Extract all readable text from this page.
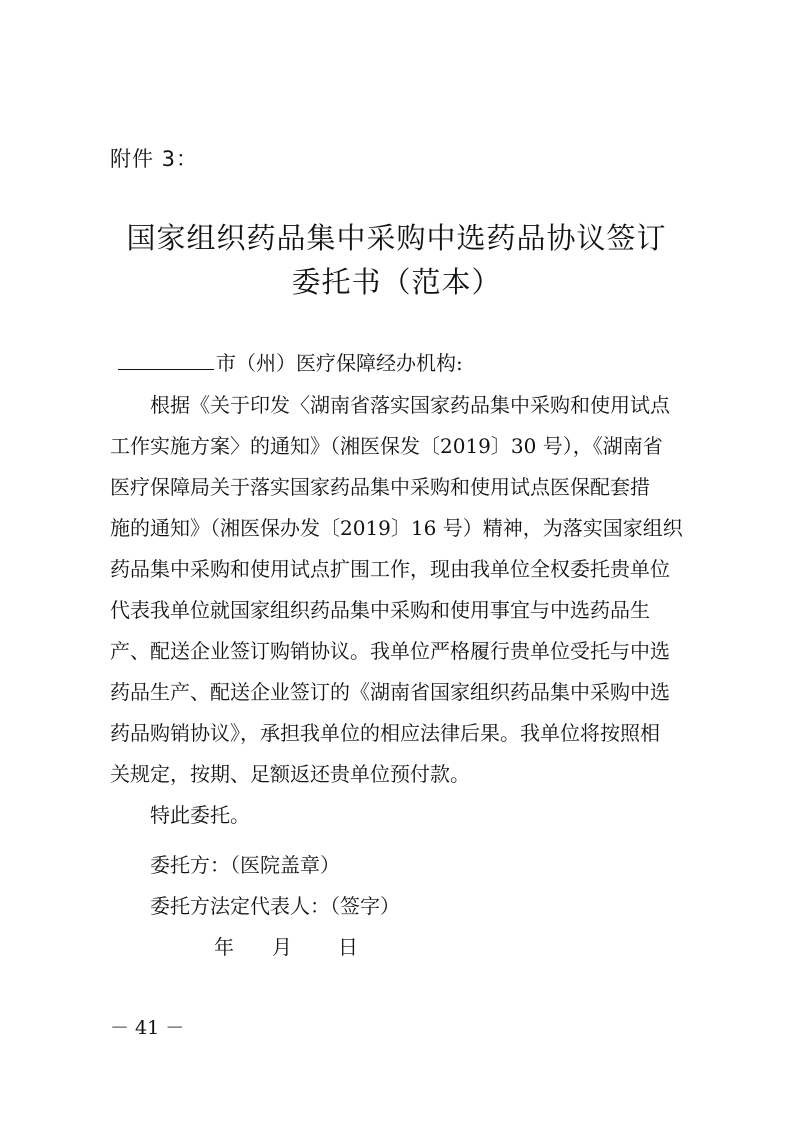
附件 3：
国家组织药品集中采购中选药品协议签订
委托书（范本）
市（州）医疗保障经办机构:
根据《关于印发〈湖南省落实国家药品集中采购和使用试点
工作实施方案〉的通知》（湘医保发〔2019〕30 号），《湖南省
医疗保障局关于落实国家药品集中采购和使用试点医保配套措
施的通知》（湘医保办发〔2019〕16 号）精神，为落实国家组织
药品集中采购和使用试点扩围工作，现由我单位全权委托贵单位
代表我单位就国家组织药品集中采购和使用事宜与中选药品生
产、配送企业签订购销协议。我单位严格履行贵单位受托与中选
药品生产、配送企业签订的《湖南省国家组织药品集中采购中选
药品购销协议》，承担我单位的相应法律后果。我单位将按照相
关规定，按期、足额返还贵单位预付款。
特此委托。
委托方：（医院盖章）
委托方法定代表人：（签字）
年 月 日
－ 41 －
